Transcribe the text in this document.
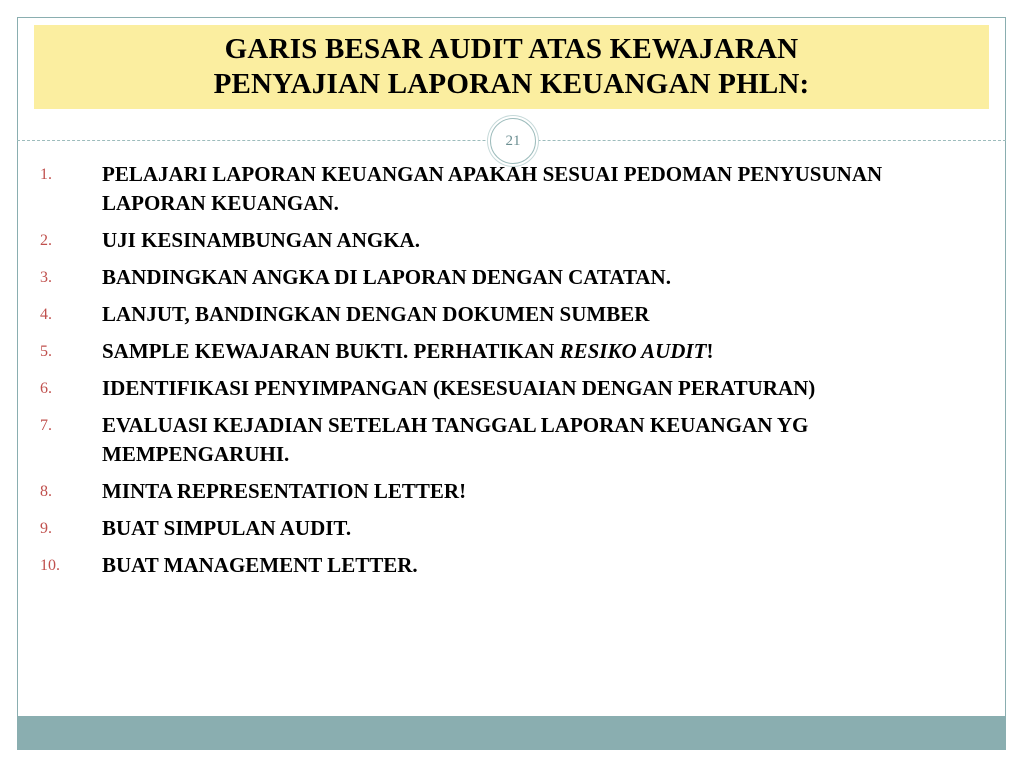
GARIS BESAR AUDIT ATAS KEWAJARAN
PENYAJIAN LAPORAN KEUANGAN PHLN:
21
1.	PELAJARI LAPORAN KEUANGAN APAKAH SESUAI PEDOMAN PENYUSUNAN LAPORAN KEUANGAN.
2.	UJI KESINAMBUNGAN ANGKA.
3.	BANDINGKAN ANGKA DI LAPORAN DENGAN CATATAN.
4.	LANJUT, BANDINGKAN DENGAN DOKUMEN SUMBER
5.	SAMPLE KEWAJARAN BUKTI. PERHATIKAN RESIKO AUDIT!
6.	IDENTIFIKASI PENYIMPANGAN (KESESUAIAN DENGAN PERATURAN)
7.	EVALUASI KEJADIAN SETELAH TANGGAL LAPORAN KEUANGAN YG MEMPENGARUHI.
8.	MINTA REPRESENTATION LETTER!
9.	BUAT SIMPULAN AUDIT.
10.	BUAT MANAGEMENT LETTER.
